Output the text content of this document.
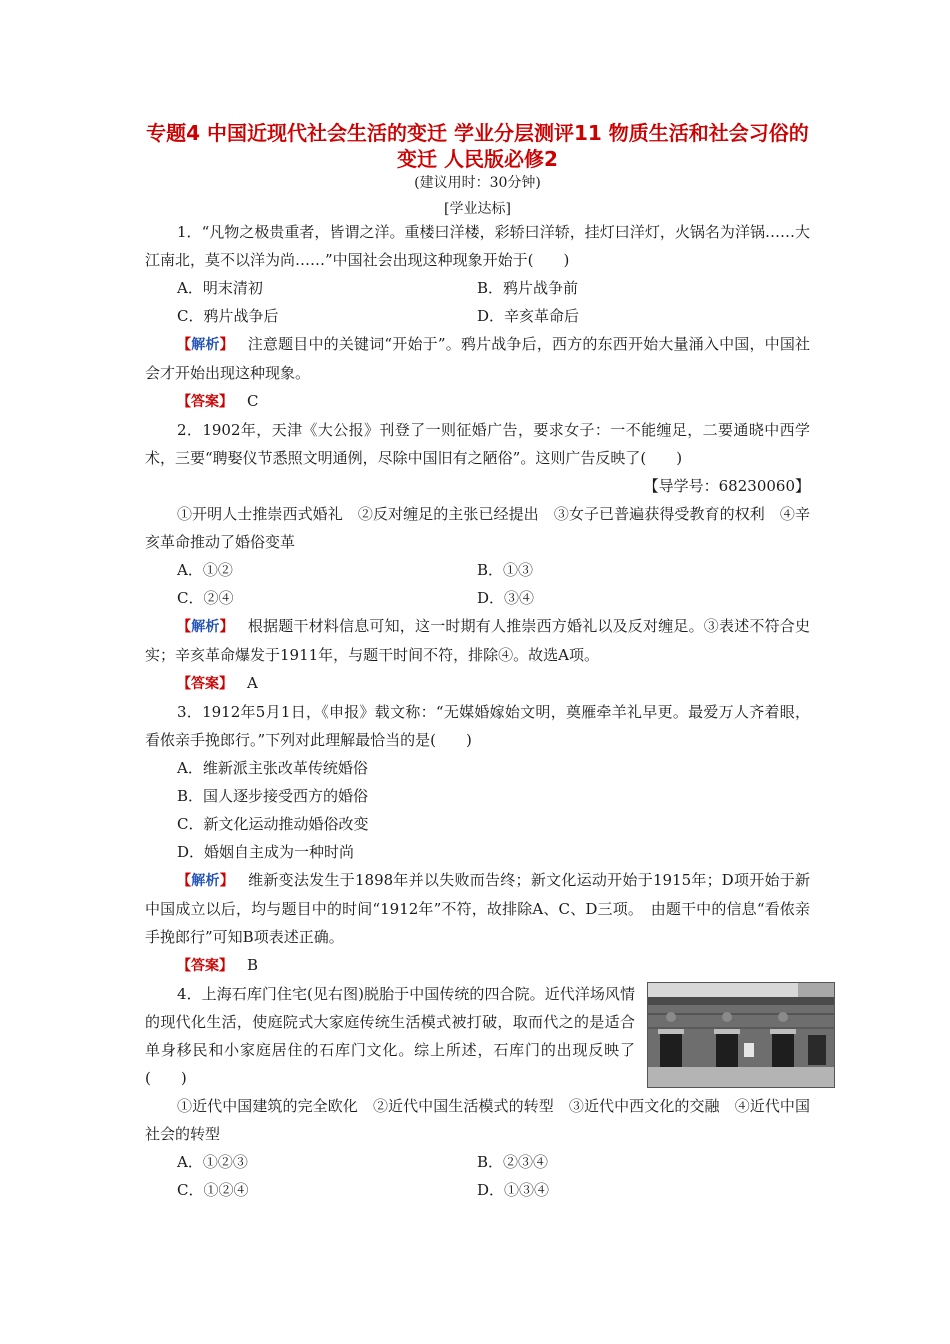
专题4 中国近现代社会生活的变迁 学业分层测评11 物质生活和社会习俗的变迁 人民版必修2
(建议用时：30分钟)
[学业达标]

1．“凡物之极贵重者，皆谓之洋。重楼曰洋楼，彩轿曰洋轿，挂灯曰洋灯，火锅名为洋锅……大江南北，莫不以洋为尚……”中国社会出现这种现象开始于(　　)

A．明末清初	B．鸦片战争前
C．鸦片战争后	D．辛亥革命后

【解析】 注意题目中的关键词“开始于”。鸦片战争后，西方的东西开始大量涌入中国，中国社会才开始出现这种现象。

【答案】 C

2．1902年，天津《大公报》刊登了一则征婚广告，要求女子：一不能缠足，二要通晓中西学术，三要“聘娶仪节悉照文明通例，尽除中国旧有之陋俗”。这则广告反映了(　　)

【导学号：68230060】

①开明人士推崇西式婚礼　②反对缠足的主张已经提出　③女子已普遍获得受教育的权利　④辛亥革命推动了婚俗变革

A．①②	B．①③
C．②④	D．③④

【解析】 根据题干材料信息可知，这一时期有人推崇西方婚礼以及反对缠足。③表述不符合史实；辛亥革命爆发于1911年，与题干时间不符，排除④。故选A项。

【答案】 A

3．1912年5月1日，《申报》载文称：“无媒婚嫁始文明，奠雁牵羊礼早更。最爱万人齐着眼，看侬亲手挽郎行。”下列对此理解最恰当的是(　　)

A．维新派主张改革传统婚俗
B．国人逐步接受西方的婚俗
C．新文化运动推动婚俗改变
D．婚姻自主成为一种时尚

【解析】 维新变法发生于1898年并以失败而告终；新文化运动开始于1915年；D项开始于新中国成立以后，均与题目中的时间“1912年”不符，故排除A、C、D三项。　由题干中的信息“看侬亲手挽郎行”可知B项表述正确。

【答案】 B

4．上海石库门住宅(见右图)脱胎于中国传统的四合院。近代洋场风情的现代化生活，使庭院式大家庭传统生活模式被打破，取而代之的是适合单身移民和小家庭居住的石库门文化。综上所述，石库门的出现反映了(　　)

①近代中国建筑的完全欧化　②近代中国生活模式的转型　③近代中西文化的交融　④近代中国社会的转型

A．①②③	B．②③④
C．①②④	D．①③④
